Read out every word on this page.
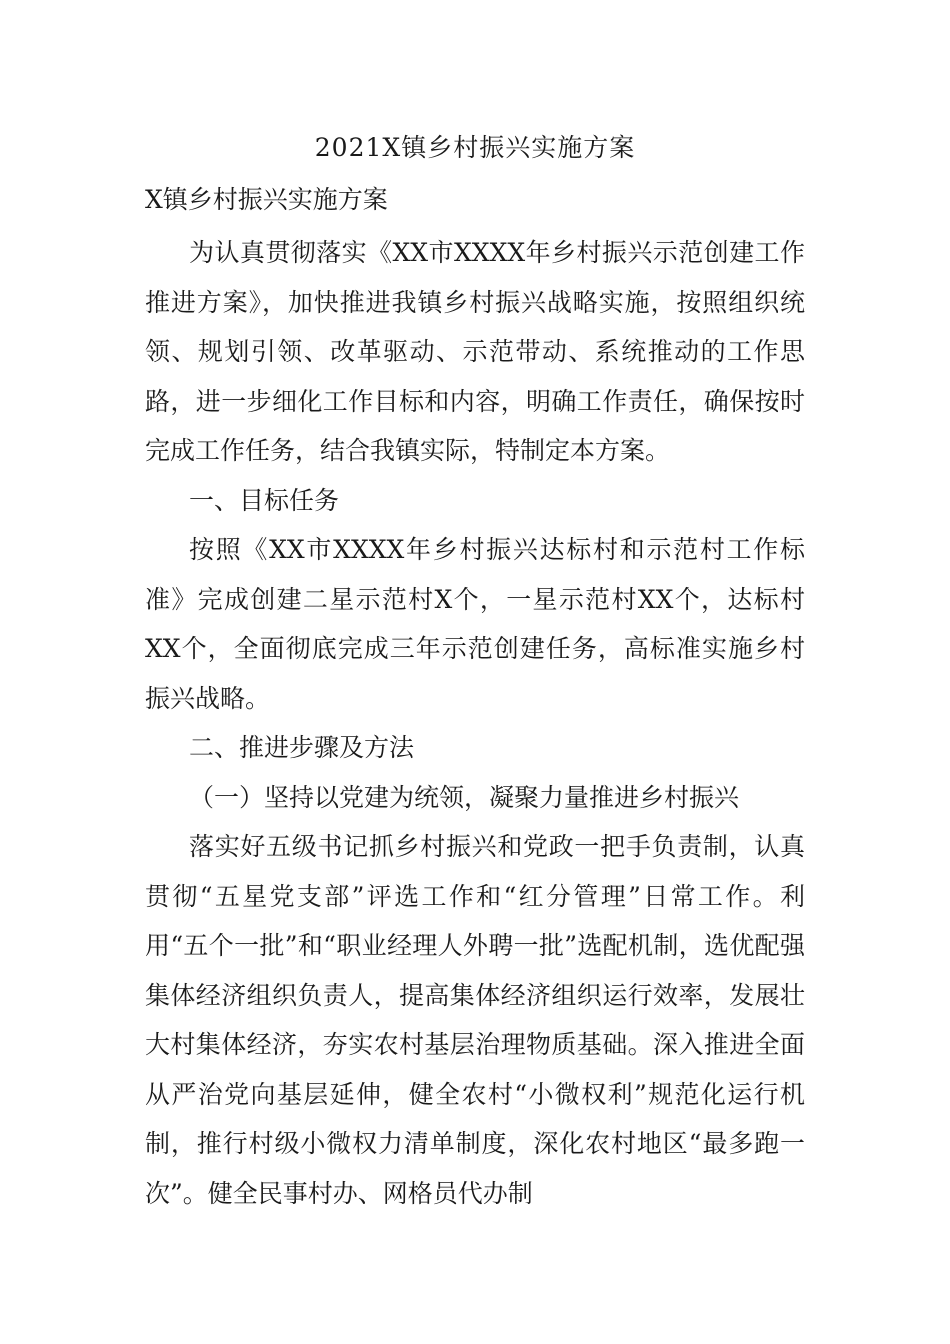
2021X镇乡村振兴实施方案
X镇乡村振兴实施方案

为认真贯彻落实《XX市XXXX年乡村振兴示范创建工作推进方案》，加快推进我镇乡村振兴战略实施，按照组织统领、规划引领、改革驱动、示范带动、系统推动的工作思路，进一步细化工作目标和内容，明确工作责任，确保按时完成工作任务，结合我镇实际，特制定本方案。

一、目标任务

按照《XX市XXXX年乡村振兴达标村和示范村工作标准》完成创建二星示范村X个，一星示范村XX个，达标村XX个，全面彻底完成三年示范创建任务，高标准实施乡村振兴战略。

二、推进步骤及方法

（一）坚持以党建为统领，凝聚力量推进乡村振兴

落实好五级书记抓乡村振兴和党政一把手负责制，认真贯彻“五星党支部”评选工作和“红分管理”日常工作。利用“五个一批”和“职业经理人外聘一批”选配机制，选优配强集体经济组织负责人，提高集体经济组织运行效率，发展壮大村集体经济，夯实农村基层治理物质基础。深入推进全面从严治党向基层延伸，健全农村“小微权利”规范化运行机制，推行村级小微权力清单制度，深化农村地区“最多跑一次”。健全民事村办、网格员代办制
